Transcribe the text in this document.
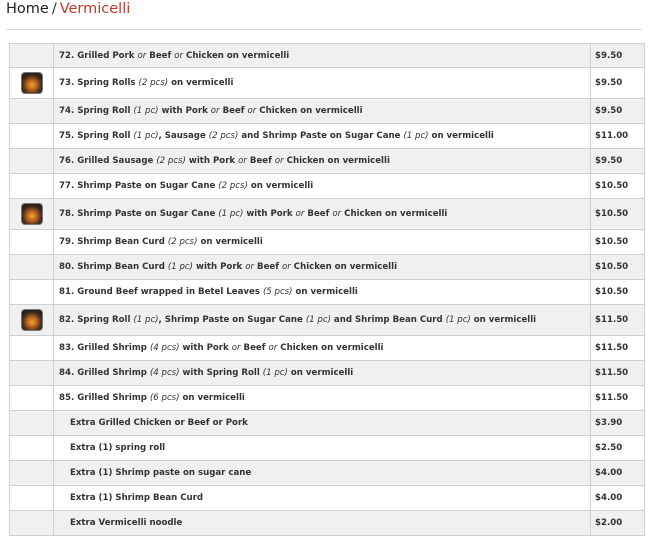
Home / Vermicelli
	72. Grilled Pork or Beef or Chicken on vermicelli	$9.50
	73. Spring Rolls (2 pcs) on vermicelli	$9.50
	74. Spring Roll (1 pc) with Pork or Beef or Chicken on vermicelli	$9.50
	75. Spring Roll (1 pc), Sausage (2 pcs) and Shrimp Paste on Sugar Cane (1 pc) on vermicelli	$11.00
	76. Grilled Sausage (2 pcs) with Pork or Beef or Chicken on vermicelli	$9.50
	77. Shrimp Paste on Sugar Cane (2 pcs) on vermicelli	$10.50
	78. Shrimp Paste on Sugar Cane (1 pc) with Pork or Beef or Chicken on vermicelli	$10.50
	79. Shrimp Bean Curd (2 pcs) on vermicelli	$10.50
	80. Shrimp Bean Curd (1 pc) with Pork or Beef or Chicken on vermicelli	$10.50
	81. Ground Beef wrapped in Betel Leaves (5 pcs) on vermicelli	$10.50
	82. Spring Roll (1 pc), Shrimp Paste on Sugar Cane (1 pc) and Shrimp Bean Curd (1 pc) on vermicelli	$11.50
	83. Grilled Shrimp (4 pcs) with Pork or Beef or Chicken on vermicelli	$11.50
	84. Grilled Shrimp (4 pcs) with Spring Roll (1 pc) on vermicelli	$11.50
	85. Grilled Shrimp (6 pcs) on vermicelli	$11.50
	Extra Grilled Chicken or Beef or Pork	$3.90
	Extra (1) spring roll	$2.50
	Extra (1) Shrimp paste on sugar cane	$4.00
	Extra (1) Shrimp Bean Curd	$4.00
	Extra Vermicelli noodle	$2.00
